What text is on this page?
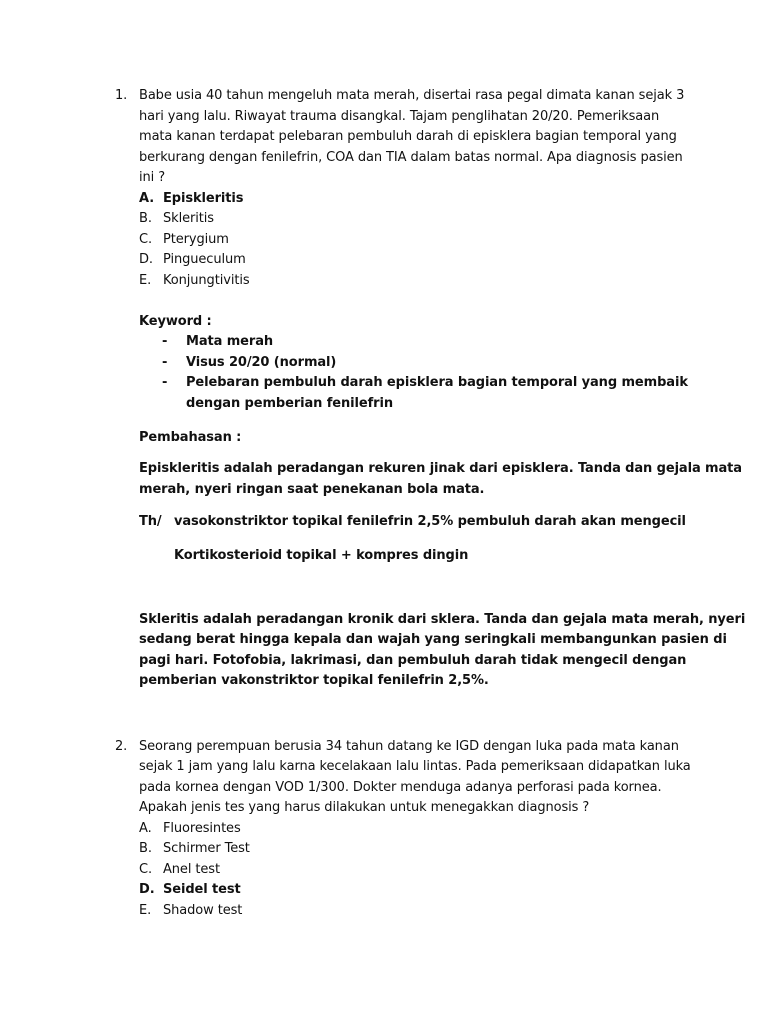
1. Babe usia 40 tahun mengeluh mata merah, disertai rasa pegal dimata kanan sejak 3
hari yang lalu. Riwayat trauma disangkal. Tajam penglihatan 20/20. Pemeriksaan
mata kanan terdapat pelebaran pembuluh darah di episklera bagian temporal yang
berkurang dengan fenilefrin, COA dan TIA dalam batas normal. Apa diagnosis pasien
ini ?
A. Episkleritis
B. Skleritis
C. Pterygium
D. Pingueculum
E. Konjungtivitis
Keyword :
- Mata merah
- Visus 20/20 (normal)
- Pelebaran pembuluh darah episklera bagian temporal yang membaik
dengan pemberian fenilefrin
Pembahasan :
Episkleritis adalah peradangan rekuren jinak dari episklera. Tanda dan gejala mata
merah, nyeri ringan saat penekanan bola mata.
Th/ vasokonstriktor topikal fenilefrin 2,5% pembuluh darah akan mengecil
Kortikosterioid topikal + kompres dingin
Skleritis adalah peradangan kronik dari sklera. Tanda dan gejala mata merah, nyeri
sedang berat hingga kepala dan wajah yang seringkali membangunkan pasien di
pagi hari. Fotofobia, lakrimasi, dan pembuluh darah tidak mengecil dengan
pemberian vakonstriktor topikal fenilefrin 2,5%.
2. Seorang perempuan berusia 34 tahun datang ke IGD dengan luka pada mata kanan
sejak 1 jam yang lalu karna kecelakaan lalu lintas. Pada pemeriksaan didapatkan luka
pada kornea dengan VOD 1/300. Dokter menduga adanya perforasi pada kornea.
Apakah jenis tes yang harus dilakukan untuk menegakkan diagnosis ?
A. Fluoresintes
B. Schirmer Test
C. Anel test
D. Seidel test
E. Shadow test
